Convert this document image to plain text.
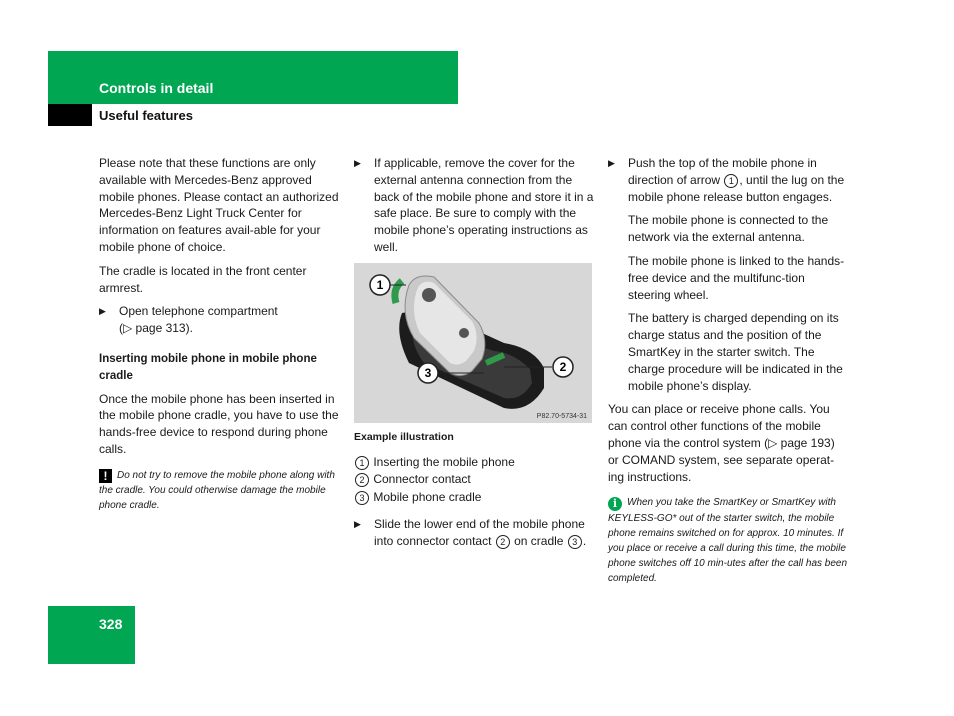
Controls in detail
Useful features

Please note that these functions are only available with Mercedes-Benz approved mobile phones. Please contact an authorized Mercedes-Benz Light Truck Center for information on features avail-able for your mobile phone of choice.

The cradle is located in the front center armrest.

▶ Open telephone compartment
(▷ page 313).
Inserting mobile phone in mobile phone cradle

Once the mobile phone has been inserted in the mobile phone cradle, you have to use the hands-free device to respond during phone calls.

! Do not try to remove the mobile phone along with the cradle. You could otherwise damage the mobile phone cradle.
▶ If applicable, remove the cover for the external antenna connection from the back of the mobile phone and store it in a safe place. Be sure to comply with the mobile phone’s operating instructions as well.
1
2
3
P82.70-5734-31
Example illustration
1 Inserting the mobile phone
2 Connector contact
3 Mobile phone cradle
▶ Slide the lower end of the mobile phone into connector contact 2 on cradle 3 .
▶ Push the top of the mobile phone in direction of arrow 1 , until the lug on the mobile phone release button engages.
The mobile phone is connected to the network via the external antenna.
The mobile phone is linked to the hands-free device and the multifunc-tion steering wheel.
The battery is charged depending on its charge status and the position of the SmartKey in the starter switch. The charge procedure will be indicated in the mobile phone’s display.

You can place or receive phone calls. You can control other functions of the mobile phone via the control system (▷ page 193) or COMAND system, see separate operat-ing instructions.

i When you take the SmartKey or SmartKey with KEYLESS-GO* out of the starter switch, the mobile phone remains switched on for approx. 10 minutes. If you place or receive a call during this time, the mobile phone switches off 10 min-utes after the call has been completed.
328
